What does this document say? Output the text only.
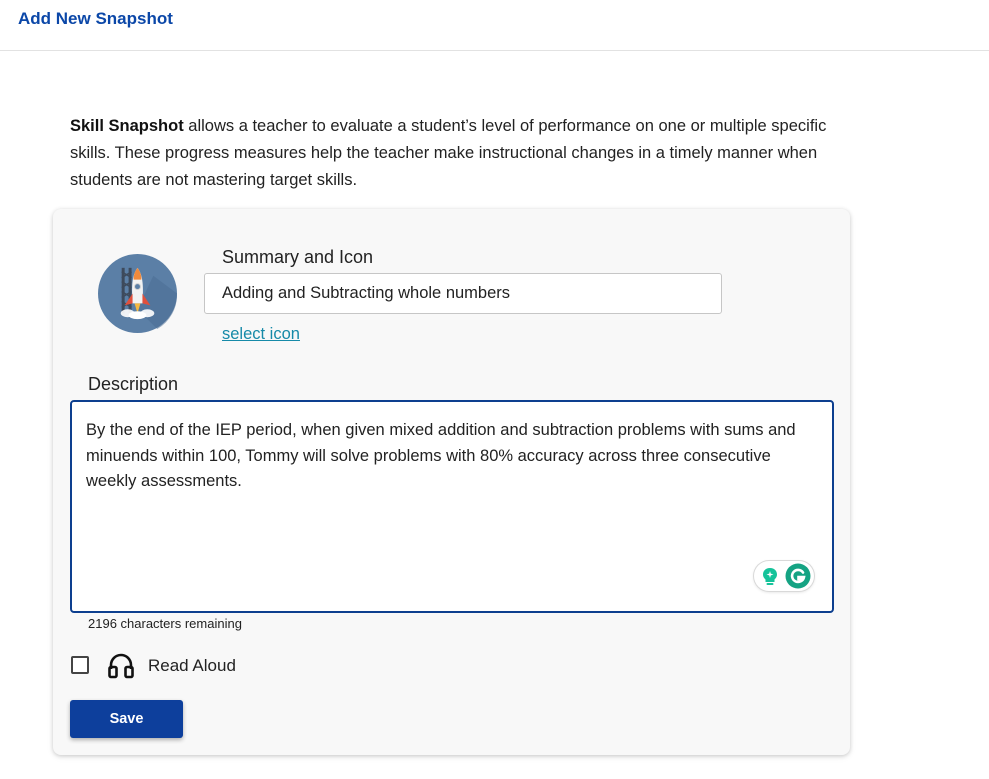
Add New Snapshot

Skill Snapshot allows a teacher to evaluate a student’s level of performance on one or multiple specific skills. These progress measures help the teacher make instructional changes in a timely manner when students are not mastering target skills.

Summary and Icon
Adding and Subtracting whole numbers
select icon
Description

By the end of the IEP period, when given mixed addition and subtraction problems with sums and minuends within 100, Tommy will solve problems with 80% accuracy across three consecutive weekly assessments.

2196 characters remaining
Read Aloud
Save
